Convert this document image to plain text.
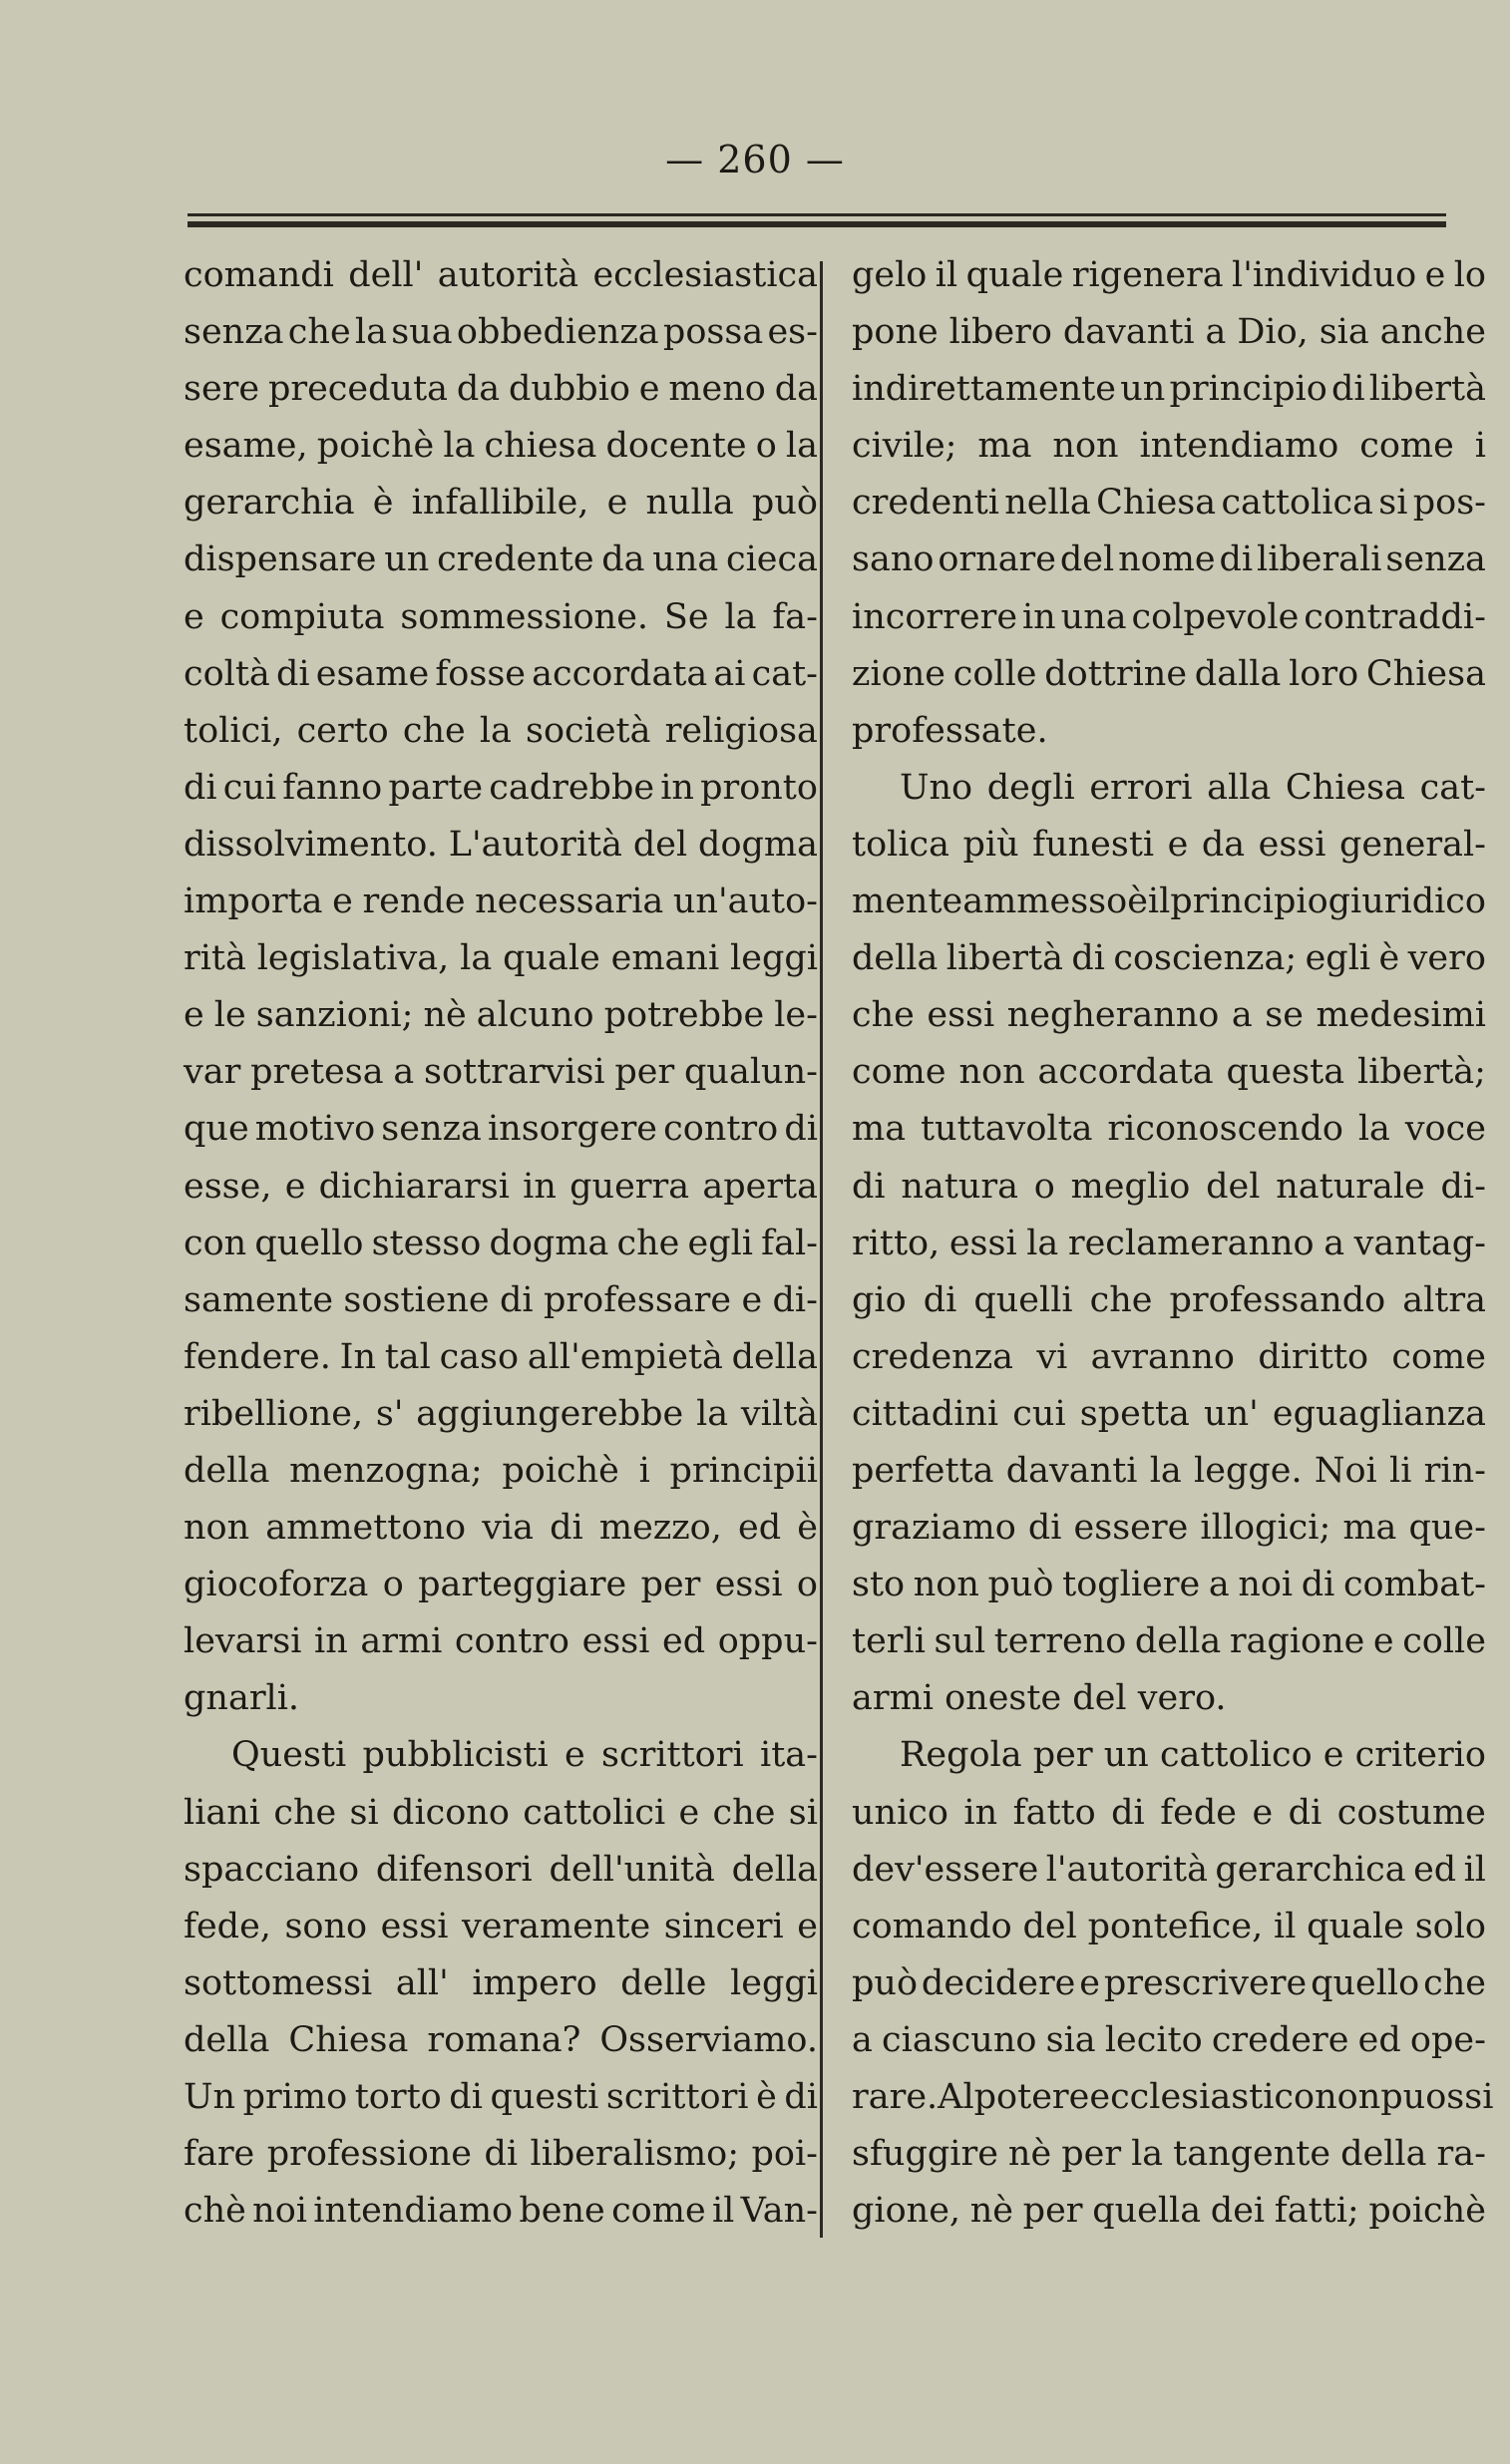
— 260 —
comandi dell' autorità ecclesiastica
senza che la sua obbedienza possa es-
sere preceduta da dubbio e meno da
esame, poichè la chiesa docente o la
gerarchia è infallibile, e nulla può
dispensare un credente da una cieca
e compiuta sommessione. Se la fa-
coltà di esame fosse accordata ai cat-
tolici, certo che la società religiosa
di cui fanno parte cadrebbe in pronto
dissolvimento. L'autorità del dogma
importa e rende necessaria un'auto-
rità legislativa, la quale emani leggi
e le sanzioni; nè alcuno potrebbe le-
var pretesa a sottrarvisi per qualun-
que motivo senza insorgere contro di
esse, e dichiararsi in guerra aperta
con quello stesso dogma che egli fal-
samente sostiene di professare e di-
fendere. In tal caso all'empietà della
ribellione, s' aggiungerebbe la viltà
della menzogna; poichè i principii
non ammettono via di mezzo, ed è
giocoforza o parteggiare per essi o
levarsi in armi contro essi ed oppu-
gnarli.
Questi pubblicisti e scrittori ita-
liani che si dicono cattolici e che si
spacciano difensori dell'unità della
fede, sono essi veramente sinceri e
sottomessi all' impero delle leggi
della Chiesa romana? Osserviamo.
Un primo torto di questi scrittori è di
fare professione di liberalismo; poi-
chè noi intendiamo bene come il Van-
gelo il quale rigenera l'individuo e lo
pone libero davanti a Dio, sia anche
indirettamente un principio di libertà
civile; ma non intendiamo come i
credenti nella Chiesa cattolica si pos-
sano ornare del nome di liberali senza
incorrere in una colpevole contraddi-
zione colle dottrine dalla loro Chiesa
professate.
Uno degli errori alla Chiesa cat-
tolica più funesti e da essi general-
mente ammesso è il principio giuridico
della libertà di coscienza; egli è vero
che essi negheranno a se medesimi
come non accordata questa libertà;
ma tuttavolta riconoscendo la voce
di natura o meglio del naturale di-
ritto, essi la reclameranno a vantag-
gio di quelli che professando altra
credenza vi avranno diritto come
cittadini cui spetta un' eguaglianza
perfetta davanti la legge. Noi li rin-
graziamo di essere illogici; ma que-
sto non può togliere a noi di combat-
terli sul terreno della ragione e colle
armi oneste del vero.
Regola per un cattolico e criterio
unico in fatto di fede e di costume
dev'essere l'autorità gerarchica ed il
comando del pontefice, il quale solo
può decidere e prescrivere quello che
a ciascuno sia lecito credere ed ope-
rare. Al potere ecclesiastico non puossi
sfuggire nè per la tangente della ra-
gione, nè per quella dei fatti; poichè
